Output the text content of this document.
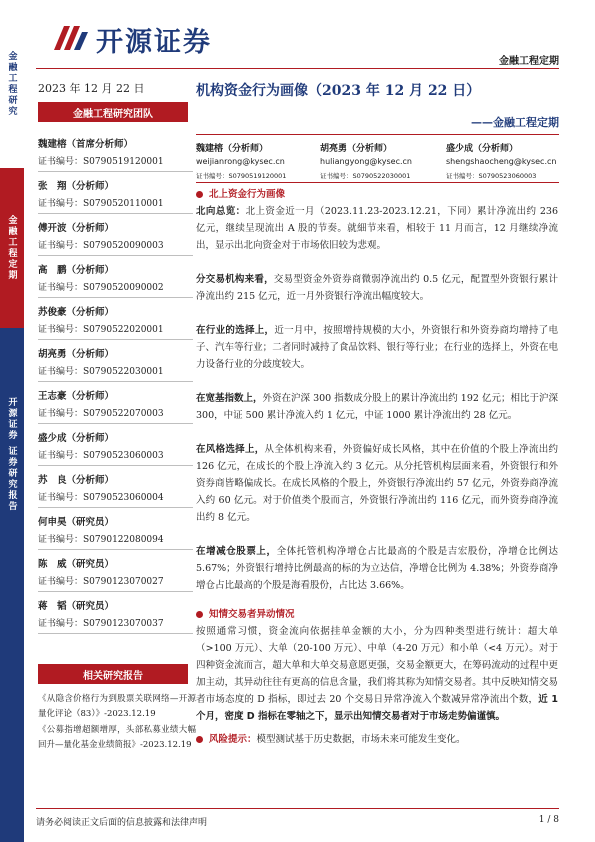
金融工程研究
金融工程定期
开源证券 证券研究报告
开源证券
金融工程定期
2023 年 12 月 22 日
金融工程研究团队
魏建榕（首席分析师）
证书编号：S0790519120001
张　翔（分析师）
证书编号：S0790520110001
傅开波（分析师）
证书编号：S0790520090003
高　鹏（分析师）
证书编号：S0790520090002
苏俊豪（分析师）
证书编号：S0790522020001
胡亮勇（分析师）
证书编号：S0790522030001
王志豪（分析师）
证书编号：S0790522070003
盛少成（分析师）
证书编号：S0790523060003
苏　良（分析师）
证书编号：S0790523060004
何申昊（研究员）
证书编号：S0790122080094
陈　威（研究员）
证书编号：S0790123070027
蒋　韬（研究员）
证书编号：S0790123070037
相关研究报告

《从隐含价格行为到股票关联网络—开源量化评论（83）》-2023.12.19

《公募指增超额增厚，头部私募业绩大幅回升—量化基金业绩简报》-2023.12.19

机构资金行为画像（2023 年 12 月 22 日）
——金融工程定期
魏建榕（分析师）
weijianrong@kysec.cn
证书编号：S0790519120001
胡亮勇（分析师）
huliangyong@kysec.cn
证书编号：S0790522030001
盛少成（分析师）
shengshaocheng@kysec.cn
证书编号：S0790523060003

北上资金行为画像

北向总览：北上资金近一月（2023.11.23-2023.12.21，下同）累计净流出约 236 亿元，继续呈现流出 A 股的节奏。就細节来看，相较于 11 月而言，12 月继续净流出，显示出北向资金对于市场依旧较为悲观。

分交易机构来看，交易型资金外资券商微弱净流出约 0.5 亿元，配置型外资银行累计净流出约 215 亿元，近一月外资银行净流出幅度较大。

在行业的选择上，近一月中，按照增持规模的大小，外资银行和外资券商均增持了电子、汽车等行业；二者同时减持了食品饮料、银行等行业；在行业的选择上，外资在电力设备行业的分歧度较大。

在宽基指数上，外资在沪深 300 指数成分股上的累计净流出约 192 亿元；相比于沪深 300，中证 500 累计净流入约 1 亿元，中证 1000 累计净流出约 28 亿元。

在风格选择上，从全体机构来看，外资偏好成长风格，其中在价值的个股上净流出约 126 亿元，在成长的个股上净流入约 3 亿元。从分托管机构层面来看，外资银行和外资券商皆略偏成长。在成长风格的个股上，外资银行净流出约 57 亿元，外资券商净流入约 60 亿元。对于价值类个股而言，外资银行净流出约 116 亿元，而外资券商净流出约 8 亿元。

在增减仓股票上，全体托管机构净增仓占比最高的个股是吉宏股份，净增仓比例达 5.67%；外资银行增持比例最高的标的为立达信，净增仓比例为 4.38%；外资券商净增仓占比最高的个股是海看股份，占比达 3.66%。

知情交易者异动情况

按照通常习惯，资金流向依据挂单金额的大小，分为四种类型进行统计：超大单（>100 万元）、大单（20-100 万元）、中单（4-20 万元）和小单（<4 万元）。对于四种资金流而言，超大单和大单交易意愿更强，交易金额更大，在筹码流动的过程中更加主动，其异动往往有更高的信息含量，我们将其称为知情交易者。其中反映知情交易者市场态度的 D 指标，即过去 20 个交易日异常净流入个数减异常净流出个数，近 1 个月，密度 D 指标在零轴之下，显示出知情交易者对于市场走势偏谨慎。

风险提示：模型测试基于历史数据，市场未来可能发生变化。

请务必阅读正文后面的信息披露和法律声明	1 / 8
